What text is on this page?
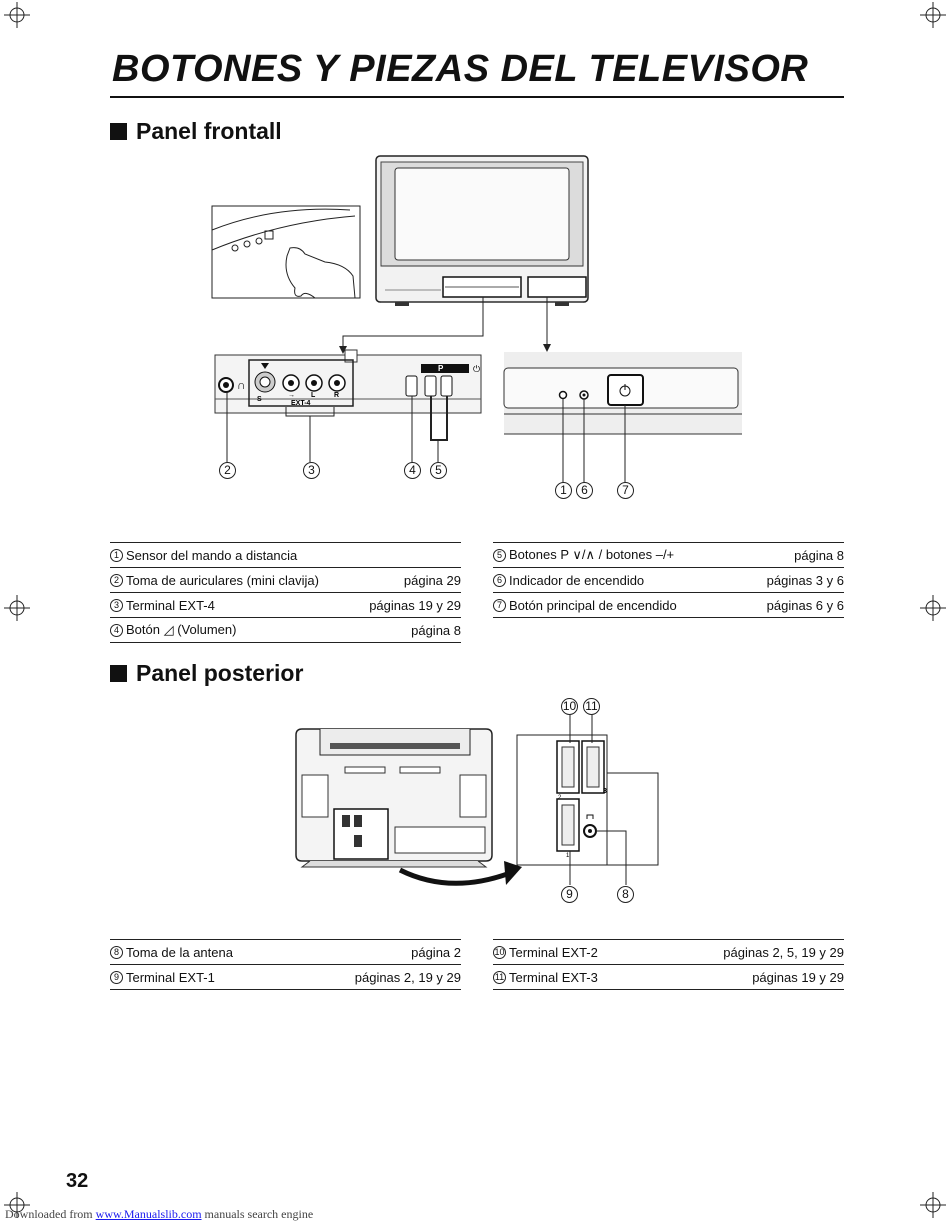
BOTONES Y PIEZAS DEL TELEVISOR
Panel frontall
∩
S
→ L	R
EXT-4
P	⏻
2	3	4	5
1	6	7
1 Sensor del mando a distancia
2 Toma de auriculares (mini clavija)	página 29
3 Terminal EXT-4	páginas 19 y 29
4 Botón ◿ (Volumen)	página 8
5 Botones P ∨/∧ / botones –/+	página 8
6 Indicador de encendido	páginas 3 y 6
7 Botón principal de encendido	páginas 6 y 6
Panel posterior
3
2
1
10 11
9	8
8 Toma de la antena	página 2
9 Terminal EXT-1	páginas 2, 19 y 29
10 Terminal EXT-2	páginas 2, 5, 19 y 29
11 Terminal EXT-3	páginas 19 y 29
32
Downloaded from www.Manualslib.com manuals search engine
